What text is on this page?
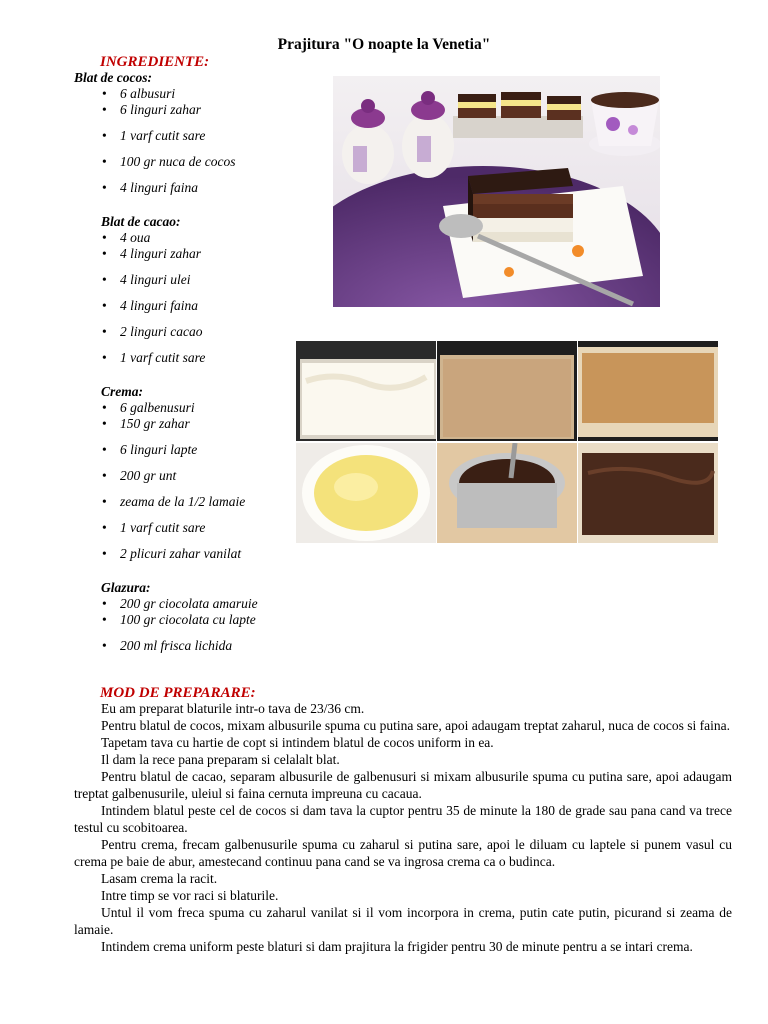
Prajitura "O noapte la Venetia"
INGREDIENTE:
Blat de cocos:
• 6 albusuri
• 6 linguri zahar
• 1 varf cutit sare
• 100 gr nuca de cocos
• 4 linguri faina
Blat de cacao:
• 4 oua
• 4 linguri zahar
• 4 linguri ulei
• 4 linguri faina
• 2 linguri cacao
• 1 varf cutit sare
Crema:
• 6 galbenusuri
• 150 gr zahar
• 6 linguri lapte
• 200 gr unt
• zeama de la 1/2 lamaie
• 1 varf cutit sare
• 2 plicuri zahar vanilat
Glazura:
• 200 gr ciocolata amaruie
• 100 gr ciocolata cu lapte
• 200 ml frisca lichida
MOD DE PREPARARE:

Eu am preparat blaturile intr-o tava de 23/36 cm.

Pentru blatul de cocos, mixam albusurile spuma cu putina sare, apoi adaugam treptat zaharul, nuca de cocos si faina.

Tapetam tava cu hartie de copt si intindem blatul de cocos uniform in ea.

Il dam la rece pana preparam si celalalt blat.

Pentru blatul de cacao, separam albusurile de galbenusuri si mixam albusurile spuma cu putina sare, apoi adaugam treptat galbenusurile, uleiul si faina cernuta impreuna cu cacaua.

Intindem blatul peste cel de cocos si dam tava la cuptor pentru 35 de minute la 180 de grade sau pana cand va trece testul cu scobitoarea.

Pentru crema, frecam galbenusurile spuma cu zaharul si putina sare, apoi le diluam cu laptele si punem vasul cu crema pe baie de abur, amestecand continuu pana cand se va ingrosa crema ca o budinca.

Lasam crema la racit.

Intre timp se vor raci si blaturile.

Untul il vom freca spuma cu zaharul vanilat si il vom incorpora in crema, putin cate putin, picurand si zeama de lamaie.

Intindem crema uniform peste blaturi si dam prajitura la frigider pentru 30 de minute pentru a se intari crema.
